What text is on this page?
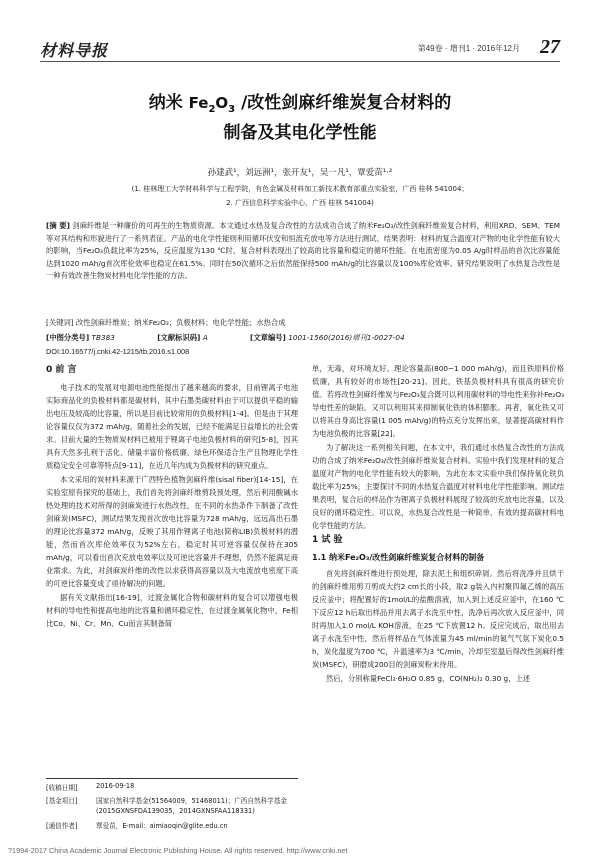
材料导报	第49卷 · 增刊1 · 2016年12月 27
纳米 $Fe_2O_3$ /改性剑麻纤维炭复合材料的
制备及其电化学性能
孙建武¹，刘远洲¹，张开友¹，吴一凡¹，覃爱苗¹·²
(1. 桂林理工大学材料科学与工程学院，有色金属及材料加工新技术教育部重点实验室，广西 桂林 541004；
2. 广西信息科学实验中心，广西 桂林 541004)
[摘 要] 剑麻纤维是一种廉价的可再生的生物质资源。本文通过水热及复合改性的方法成功合成了纳米Fe₂O₃/改性剑麻纤维炭复合材料，利用XRD、SEM、TEM等对其结构和形貌进行了一系列表征。产品的电化学性能则利用循环伏安和恒流充放电等方法进行测试。结果表明：材料的复合温度对产物的电化学性能有较大的影响，当Fe₂O₃负载比率为25%，反应温度为130 ℃时，复合材料表现出了较高的比容量和稳定的循环性能。在电流密度为0.05 A/g时样品的首次比容量能达到1020 mAh/g首次库伦效率也稳定在61.5%。同时在50次循环之后依然能保持500 mAh/g的比容量以及100%库伦效率。研究结果说明了水热复合改性是一种有效改善生物炭材料电化学性能的方法。
[关键词] 改性剑麻纤维炭；纳米Fe₂O₃；负极材料；电化学性能；水热合成
[中图分类号] TB383	[文献标识码] A	[文章编号] 1001-1560(2016)增刊1-0027-04
DOI:10.16577/j.cnki.42-1215/tb.2016.s1.008
0 前 言

电子技术的发展对电源电池性能提出了越来越高的要求，目前锂离子电池实际商品化的负极材料都是碳材料，其中石墨类碳材料由于可以提供平稳的输出电压及较高的比容量，所以是目前比较常用的负极材料[1-4]。但是由于其理论容量仅仅为372 mAh/g，随着社会的发展，已经不能满足日益增长的社会需求。目前大量的生物质炭材料已被用于锂离子电池负极材料的研究[5-8]，因其具有天然多孔利于活化、储量丰富价格低廉、绿色环保适合生产且物理化学性质稳定安全可靠等特点[9-11]，在近几年内成为负极材料的研究重点。

本文采用的炭材料来源于广西特色植物剑麻纤维(sisal fiber)[14-15]，在实验室原有探究的基础上，我们首先将剑麻纤维剪段预处理，然后利用酸碱水热处理的技术对所得的剑麻炭进行水热改性，在不同的水热条件下制备了改性剑麻炭(MSFC)，测试结果发现首次放电比容量为728 mAh/g，远远高出石墨的理论比容量372 mAh/g，反映了其用作锂离子电池(简称LIB)负极材料的潜能，然而首次库伦效率仅为52%左右，稳定时其可逆容量仅保持在305 mAh/g，可以看出首次充放电效率以及可逆比容量并不理想，仍然不能满足商业需求。为此，对剑麻炭纤维的改性以求获得高容量以及大电流放电密度下高的可逆比容量变成了亟待解决的问题。

据有关文献指出[16-19]，过渡金属化合物和碳材料的复合可以增强电极材料的导电性和提高电池的比容量和循环稳定性，在过渡金属氧化物中，Fe相比Co、Ni、Cr、Mn、Cu而言其制备简

单，无毒，对环境友好。理论容量高(800~1 000 mAh/g)，而且铁原料价格低廉，具有较好的市场性[20-21]。因此，铁基负极材料具有很高的研究价值。若将改性剑麻纤维炭与Fe₂O₃复合既可以利用碳材料的导电性来弥补Fe₂O₃导电性差的缺陷，又可以利用其来抑制氧化铁的体积膨胀。再者，氧化铁又可以将其自身高比容量(1 005 mAh/g)的特点充分发挥出来，显著提高碳材料作为电池负极的比容量[22]。

为了解决这一系列相关问题，在本文中，我们通过水热复合改性的方法成功的合成了纳米Fe₂O₃/改性剑麻纤维炭复合材料。实验中我们发现材料的复合温度对产物的电化学性能有较大的影响，为此在本文实验中我们保持氧化铁负载比率为25%，主要探讨不同的水热复合温度对材料电化学性能影响。测试结果表明，复合后的样品作为锂离子负极材料展现了较高的充放电比容量，以及良好的循环稳定性。可以说，水热复合改性是一种简单，有效的提高碳材料电化学性能的方法。

1 试 验
1.1 纳米Fe₂O₃/改性剑麻纤维炭复合材料的制备

首先将剑麻纤维进行预处理，除去泥土和组织碎屑。然后将洗净并且烘干的剑麻纤维用剪刀剪成大约2 cm长的小段，取2 g装入内衬聚四氟乙烯的高压反应釜中；将配置好的1mol/L的盐酸溶液，加入到上述反应釜中，在160 ℃下反应12 h后取出样品并用去离子水洗至中性，洗净后再次放入反应釜中，同时再加入1.0 mol/L KOH溶液，在25 ℃下放置12 h。反应完成后，取出用去离子水洗至中性，然后将样品在气体流量为45 ml/min的氮气气氛下炭化0.5 h，炭化温度为700 ℃，升温速率为3 ℃/min，冷却至室温后得改性剑麻纤维炭(MSFC)，研磨成200目的剑麻炭粉末待用。

然后，分别称量FeCl₃·6H₂O 0.85 g，CO(NH₂)₂ 0.30 g，上述

[收稿日期]	2016-09-18
[基金项目]	国家自然科学基金(51564009，51468011)；广西自然科学基金(2015GXNSFDA139035，2014GXNSFAA118331)
[通信作者]	覃爱苗，E-mail：aimiaoqin@glite.edu.cn
?1994-2017 China Academic Journal Electronic Publishing House. All rights reserved. http://www.cnki.net
